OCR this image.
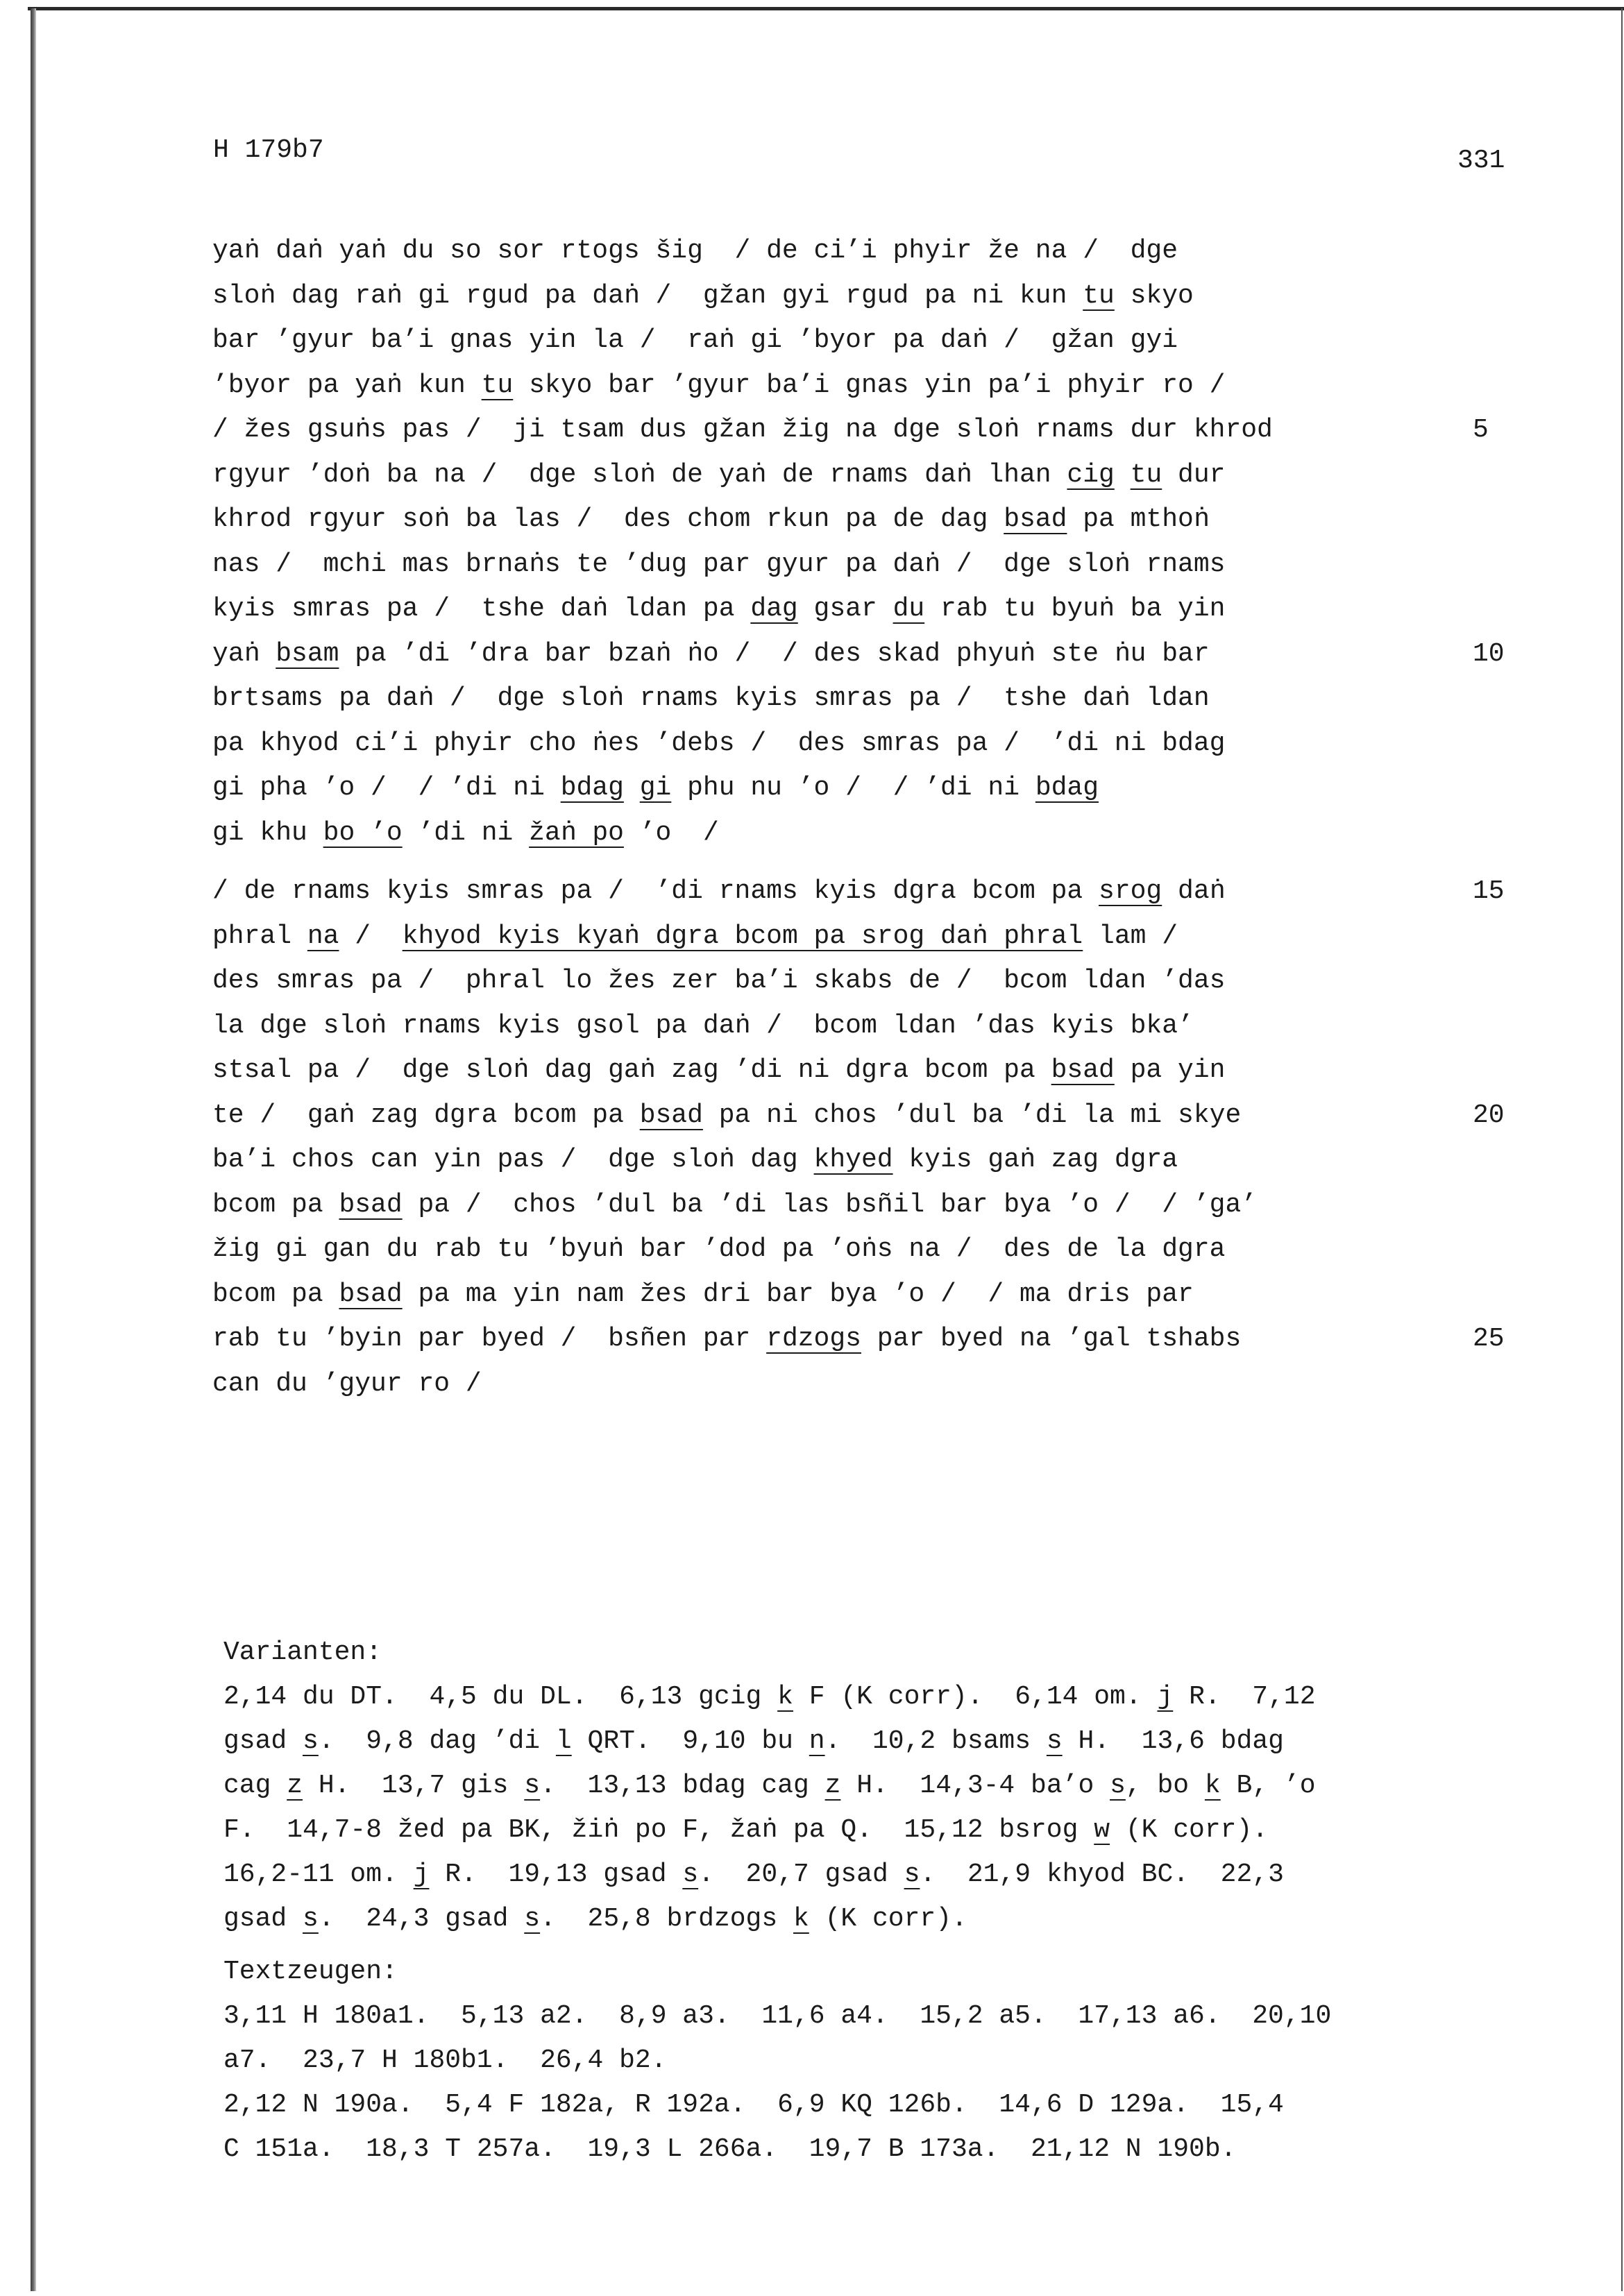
H 179b7	331
yaṅ daṅ yaṅ du so sor rtogs šig  / de ci’i phyir že na /  dge
sloṅ dag raṅ gi rgud pa daṅ /  gžan gyi rgud pa ni kun tu skyo
bar ’gyur ba’i gnas yin la /  raṅ gi ’byor pa daṅ /  gžan gyi
’byor pa yaṅ kun tu skyo bar ’gyur ba’i gnas yin pa’i phyir ro /
/ žes gsuṅs pas /  ji tsam dus gžan žig na dge sloṅ rnams dur khrod	5
rgyur ’doṅ ba na /  dge sloṅ de yaṅ de rnams daṅ lhan cig tu dur
khrod rgyur soṅ ba las /  des chom rkun pa de dag bsad pa mthoṅ
nas /  mchi mas brnaṅs te ’dug par gyur pa daṅ /  dge sloṅ rnams
kyis smras pa /  tshe daṅ ldan pa dag gsar du rab tu byuṅ ba yin
yaṅ bsam pa ’di ’dra bar bzaṅ ṅo /  / des skad phyuṅ ste ṅu bar	10
brtsams pa daṅ /  dge sloṅ rnams kyis smras pa /  tshe daṅ ldan
pa khyod ci’i phyir cho ṅes ’debs /  des smras pa /  ’di ni bdag
gi pha ’o /  / ’di ni bdag gi phu nu ’o /  / ’di ni bdag
gi khu bo ’o ’di ni žaṅ po ’o  /
/ de rnams kyis smras pa /  ’di rnams kyis dgra bcom pa srog daṅ	15
phral na /  khyod kyis kyaṅ dgra bcom pa srog daṅ phral lam /
des smras pa /  phral lo žes zer ba’i skabs de /  bcom ldan ’das
la dge sloṅ rnams kyis gsol pa daṅ /  bcom ldan ’das kyis bka’
stsal pa /  dge sloṅ dag gaṅ zag ’di ni dgra bcom pa bsad pa yin
te /  gaṅ zag dgra bcom pa bsad pa ni chos ’dul ba ’di la mi skye	20
ba’i chos can yin pas /  dge sloṅ dag khyed kyis gaṅ zag dgra
bcom pa bsad pa /  chos ’dul ba ’di las bsñil bar bya ’o /  / ’ga’
žig gi gan du rab tu ’byuṅ bar ’dod pa ’oṅs na /  des de la dgra
bcom pa bsad pa ma yin nam žes dri bar bya ’o /  / ma dris par
rab tu ’byin par byed /  bsñen par rdzogs par byed na ’gal tshabs	25
can du ’gyur ro /
Varianten:
2,14 du DT.  4,5 du DL.  6,13 gcig k F (K corr).  6,14 om. j R.  7,12
gsad s.  9,8 dag ’di l QRT.  9,10 bu n.  10,2 bsams s H.  13,6 bdag
cag z H.  13,7 gis s.  13,13 bdag cag z H.  14,3-4 ba’o s, bo k B, ’o
F.  14,7-8 žed pa BK, žiṅ po F, žaṅ pa Q.  15,12 bsrog w (K corr).
16,2-11 om. j R.  19,13 gsad s.  20,7 gsad s.  21,9 khyod BC.  22,3
gsad s.  24,3 gsad s.  25,8 brdzogs k (K corr).
Textzeugen:
3,11 H 180a1.  5,13 a2.  8,9 a3.  11,6 a4.  15,2 a5.  17,13 a6.  20,10
a7.  23,7 H 180b1.  26,4 b2.
2,12 N 190a.  5,4 F 182a, R 192a.  6,9 KQ 126b.  14,6 D 129a.  15,4
C 151a.  18,3 T 257a.  19,3 L 266a.  19,7 B 173a.  21,12 N 190b.
